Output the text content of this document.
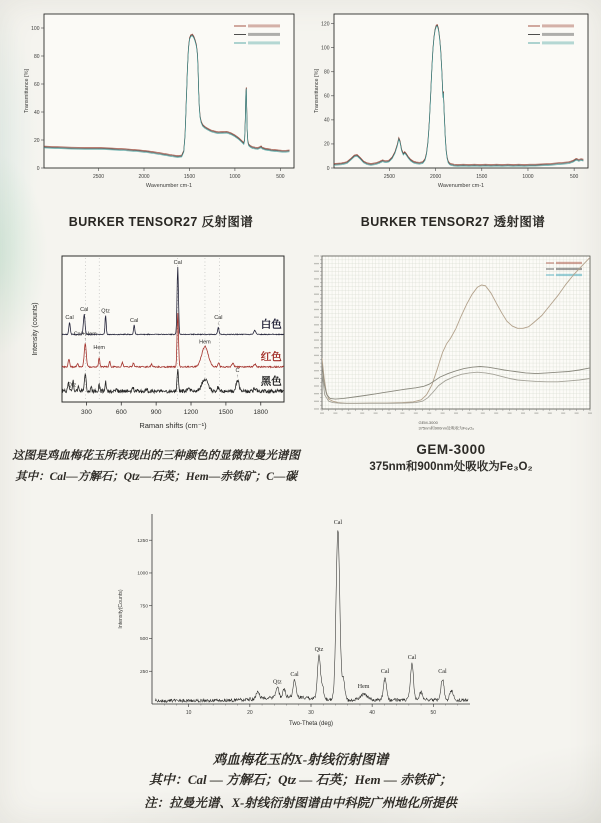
0
20
40
60
80
100
2500	2000	1500	1000	500
Wavenumber cm-1
Transmittance [%]
0
20
40
60
80
100
120
2500	2000	1500	1000	500
Wavenumber cm-1
Transmittance [%]
BURKER TENSOR27 反射图谱	BURKER TENSOR27 透射图谱
300	600	900	1200	1500	1800
Raman shifts (cm⁻¹)
Intensity (counts)
黑色
Qtz
↑
C
红色
↑
Cal+Hem
↑
Hem
Hem
白色
Cal
Cal Qtz
Cal
Cal
↓
Cal
GEM-3000
375nm和900nm处吸收为Fe₃O₂
这图是鸡血梅花玉所表现出的三种颜色的显微拉曼光谱图
其中：Cal—方解石；Qtz—石英；Hem—赤铁矿；C—碳
GEM-3000
375nm和900nm处吸收为Fe₃O₂
250
500
750
1000
1250
10	20	30	40	50
Two-Theta (deg)
Intensity(Counts)
Qtz
Cal
Qtz
Cal
Hem
Cal
Cal
Cal
鸡血梅花玉的X-射线衍射图谱
其中：Cal — 方解石；Qtz — 石英；Hem — 赤铁矿；
注：拉曼光谱、X-射线衍射图谱由中科院广州地化所提供
